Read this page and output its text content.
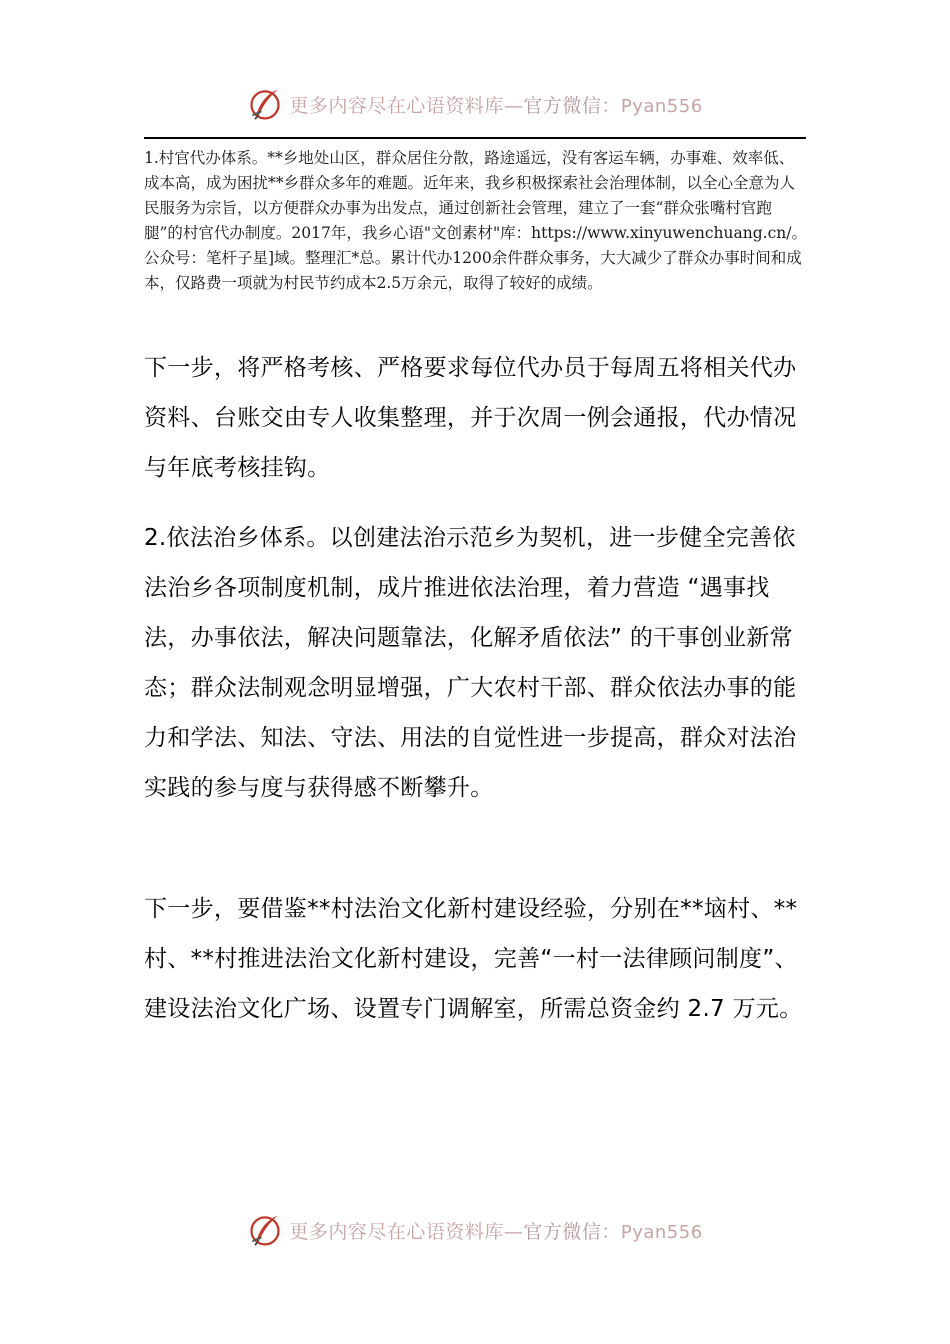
更多内容尽在心语资料库—官方微信：Pyan556

1.村官代办体系。**乡地处山区，群众居住分散，路途遥远，没有客运车辆，办事难、效率低、成本高，成为困扰**乡群众多年的难题。近年来，我乡积极探索社会治理体制，以全心全意为人民服务为宗旨，以方便群众办事为出发点，通过创新社会管理，建立了一套“群众张嘴村官跑腿”的村官代办制度。2017年，我乡心语"文创素材"库：https://www.xinyuwenchuang.cn/。公众号：笔杆子星]域。整理汇*总。累计代办1200余件群众事务，大大减少了群众办事时间和成本，仅路费一项就为村民节约成本2.5万余元，取得了较好的成绩。

下一步，将严格考核、严格要求每位代办员于每周五将相关代办资料、台账交由专人收集整理，并于次周一例会通报，代办情况与年底考核挂钩。

2.依法治乡体系。以创建法治示范乡为契机，进一步健全完善依法治乡各项制度机制，成片推进依法治理，着力营造 “遇事找法，办事依法，解决问题靠法，化解矛盾依法” 的干事创业新常态；群众法制观念明显增强，广大农村干部、群众依法办事的能力和学法、知法、守法、用法的自觉性进一步提高，群众对法治实践的参与度与获得感不断攀升。

下一步，要借鉴**村法治文化新村建设经验，分别在**垴村、**村、**村推进法治文化新村建设，完善“一村一法律顾问制度”、建设法治文化广场、设置专门调解室，所需总资金约 2.7 万元。

更多内容尽在心语资料库—官方微信：Pyan556
